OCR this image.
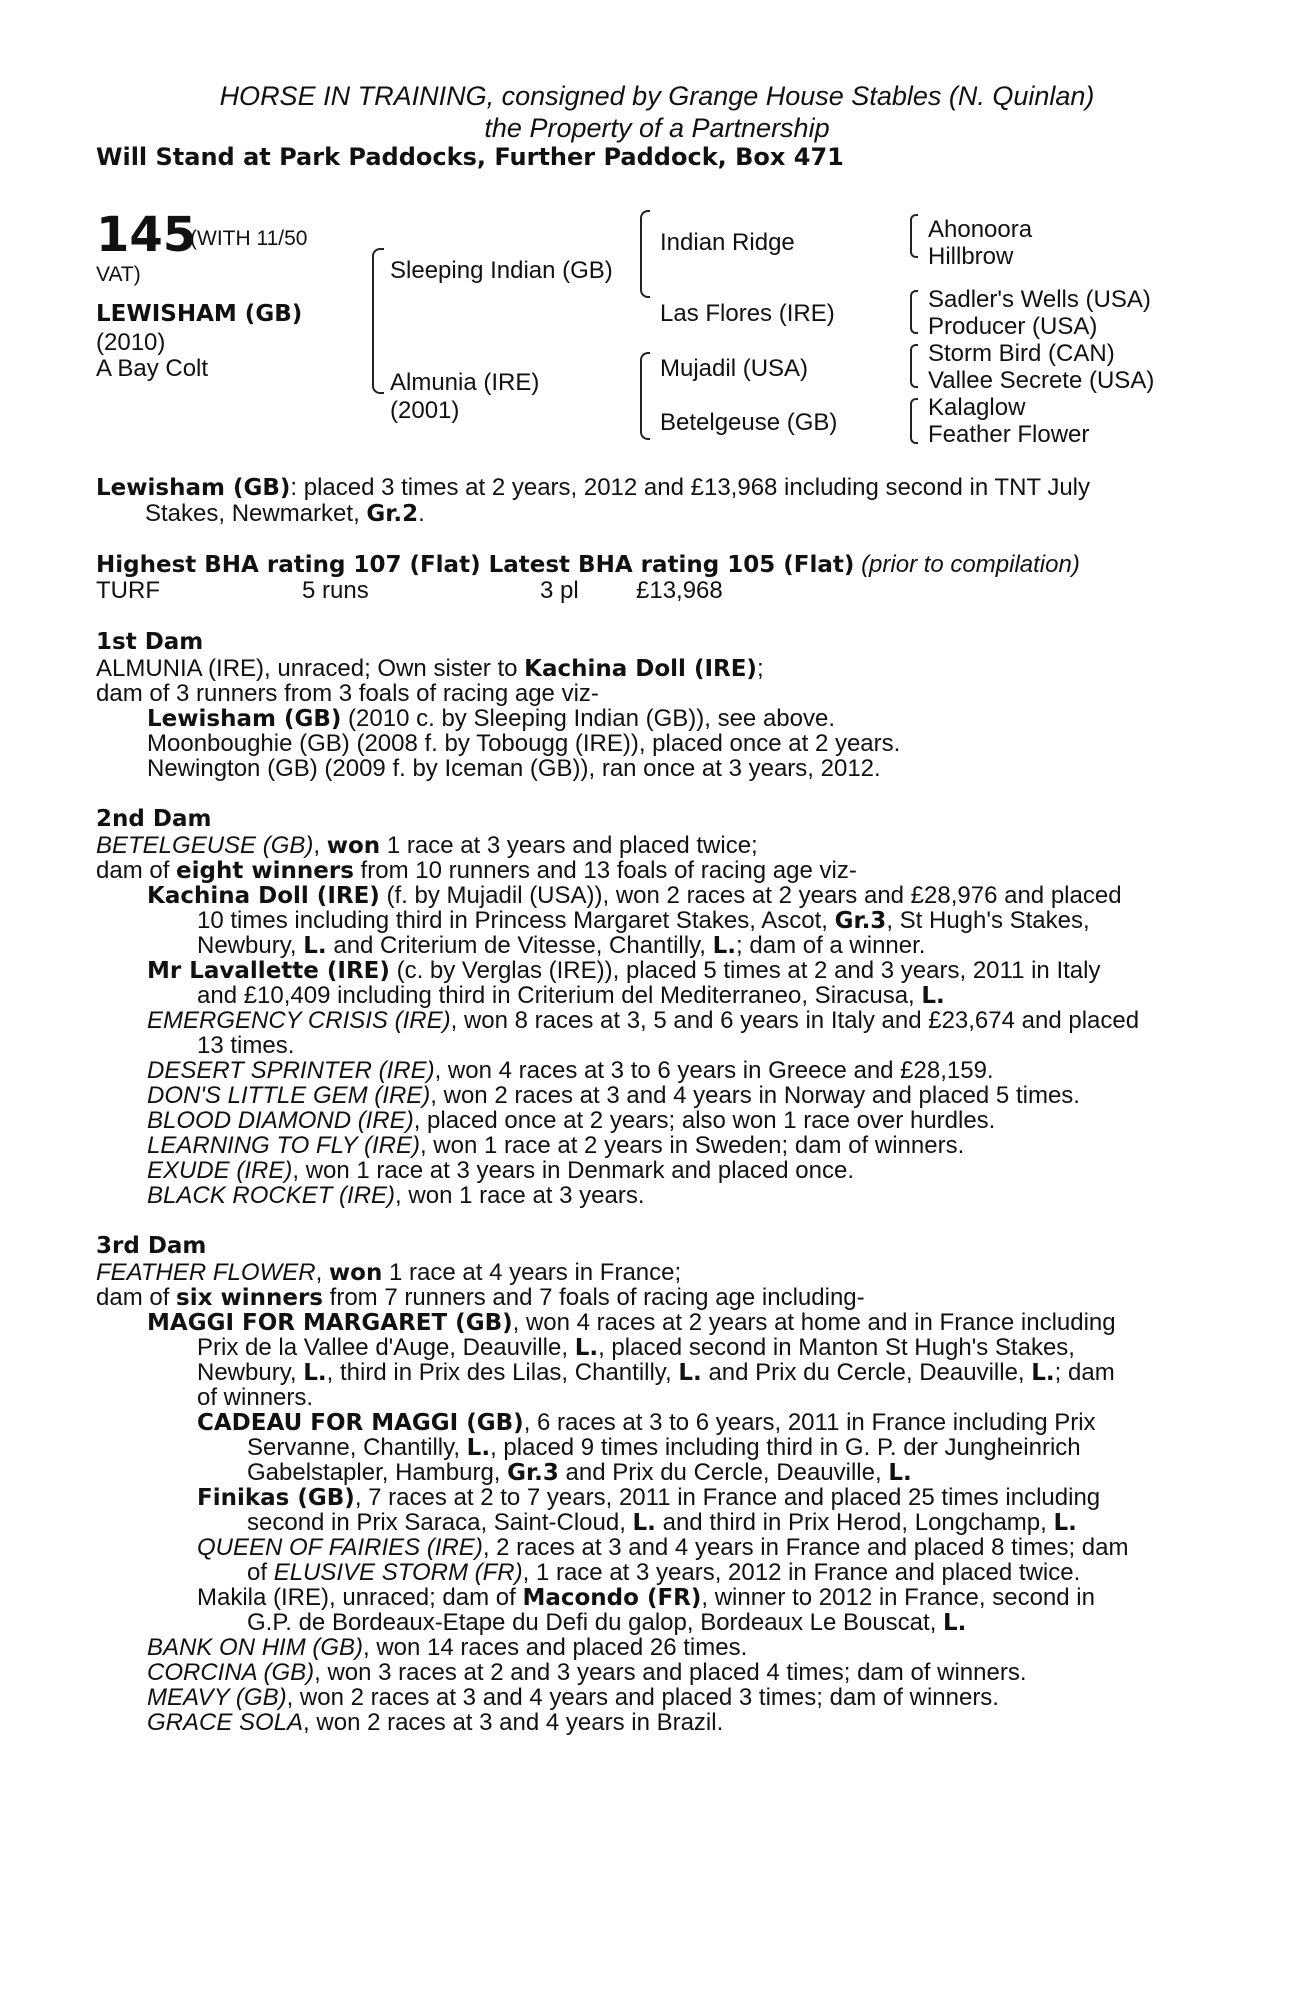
HORSE IN TRAINING, consigned by Grange House Stables (N. Quinlan)
the Property of a Partnership
Will Stand at Park Paddocks, Further Paddock, Box 471
145
(WITH 11/50
VAT)
LEWISHAM (GB)
(2010)
A Bay Colt
Sleeping Indian (GB)
Almunia (IRE)
(2001)
Indian Ridge
Las Flores (IRE)
Mujadil (USA)
Betelgeuse (GB)
Ahonoora
Hillbrow
Sadler's Wells (USA)
Producer (USA)
Storm Bird (CAN)
Vallee Secrete (USA)
Kalaglow
Feather Flower
Lewisham (GB): placed 3 times at 2 years, 2012 and £13,968 including second in TNT July
Stakes, Newmarket, Gr.2.
Highest BHA rating 107 (Flat) Latest BHA rating 105 (Flat) (prior to compilation)
TURF	5 runs	3 pl £13,968
1st Dam
ALMUNIA (IRE), unraced; Own sister to Kachina Doll (IRE);
dam of 3 runners from 3 foals of racing age viz-
Lewisham (GB) (2010 c. by Sleeping Indian (GB)), see above.
Moonboughie (GB) (2008 f. by Tobougg (IRE)), placed once at 2 years.
Newington (GB) (2009 f. by Iceman (GB)), ran once at 3 years, 2012.
2nd Dam
BETELGEUSE (GB), won 1 race at 3 years and placed twice;
dam of eight winners from 10 runners and 13 foals of racing age viz-
Kachina Doll (IRE) (f. by Mujadil (USA)), won 2 races at 2 years and £28,976 and placed
10 times including third in Princess Margaret Stakes, Ascot, Gr.3, St Hugh's Stakes,
Newbury, L. and Criterium de Vitesse, Chantilly, L.; dam of a winner.
Mr Lavallette (IRE) (c. by Verglas (IRE)), placed 5 times at 2 and 3 years, 2011 in Italy
and £10,409 including third in Criterium del Mediterraneo, Siracusa, L.
EMERGENCY CRISIS (IRE), won 8 races at 3, 5 and 6 years in Italy and £23,674 and placed
13 times.
DESERT SPRINTER (IRE), won 4 races at 3 to 6 years in Greece and £28,159.
DON'S LITTLE GEM (IRE), won 2 races at 3 and 4 years in Norway and placed 5 times.
BLOOD DIAMOND (IRE), placed once at 2 years; also won 1 race over hurdles.
LEARNING TO FLY (IRE), won 1 race at 2 years in Sweden; dam of winners.
EXUDE (IRE), won 1 race at 3 years in Denmark and placed once.
BLACK ROCKET (IRE), won 1 race at 3 years.
3rd Dam
FEATHER FLOWER, won 1 race at 4 years in France;
dam of six winners from 7 runners and 7 foals of racing age including-
MAGGI FOR MARGARET (GB), won 4 races at 2 years at home and in France including
Prix de la Vallee d'Auge, Deauville, L., placed second in Manton St Hugh's Stakes,
Newbury, L., third in Prix des Lilas, Chantilly, L. and Prix du Cercle, Deauville, L.; dam
of winners.
CADEAU FOR MAGGI (GB), 6 races at 3 to 6 years, 2011 in France including Prix
Servanne, Chantilly, L., placed 9 times including third in G. P. der Jungheinrich
Gabelstapler, Hamburg, Gr.3 and Prix du Cercle, Deauville, L.
Finikas (GB), 7 races at 2 to 7 years, 2011 in France and placed 25 times including
second in Prix Saraca, Saint-Cloud, L. and third in Prix Herod, Longchamp, L.
QUEEN OF FAIRIES (IRE), 2 races at 3 and 4 years in France and placed 8 times; dam
of ELUSIVE STORM (FR), 1 race at 3 years, 2012 in France and placed twice.
Makila (IRE), unraced; dam of Macondo (FR), winner to 2012 in France, second in
G.P. de Bordeaux-Etape du Defi du galop, Bordeaux Le Bouscat, L.
BANK ON HIM (GB), won 14 races and placed 26 times.
CORCINA (GB), won 3 races at 2 and 3 years and placed 4 times; dam of winners.
MEAVY (GB), won 2 races at 3 and 4 years and placed 3 times; dam of winners.
GRACE SOLA, won 2 races at 3 and 4 years in Brazil.
